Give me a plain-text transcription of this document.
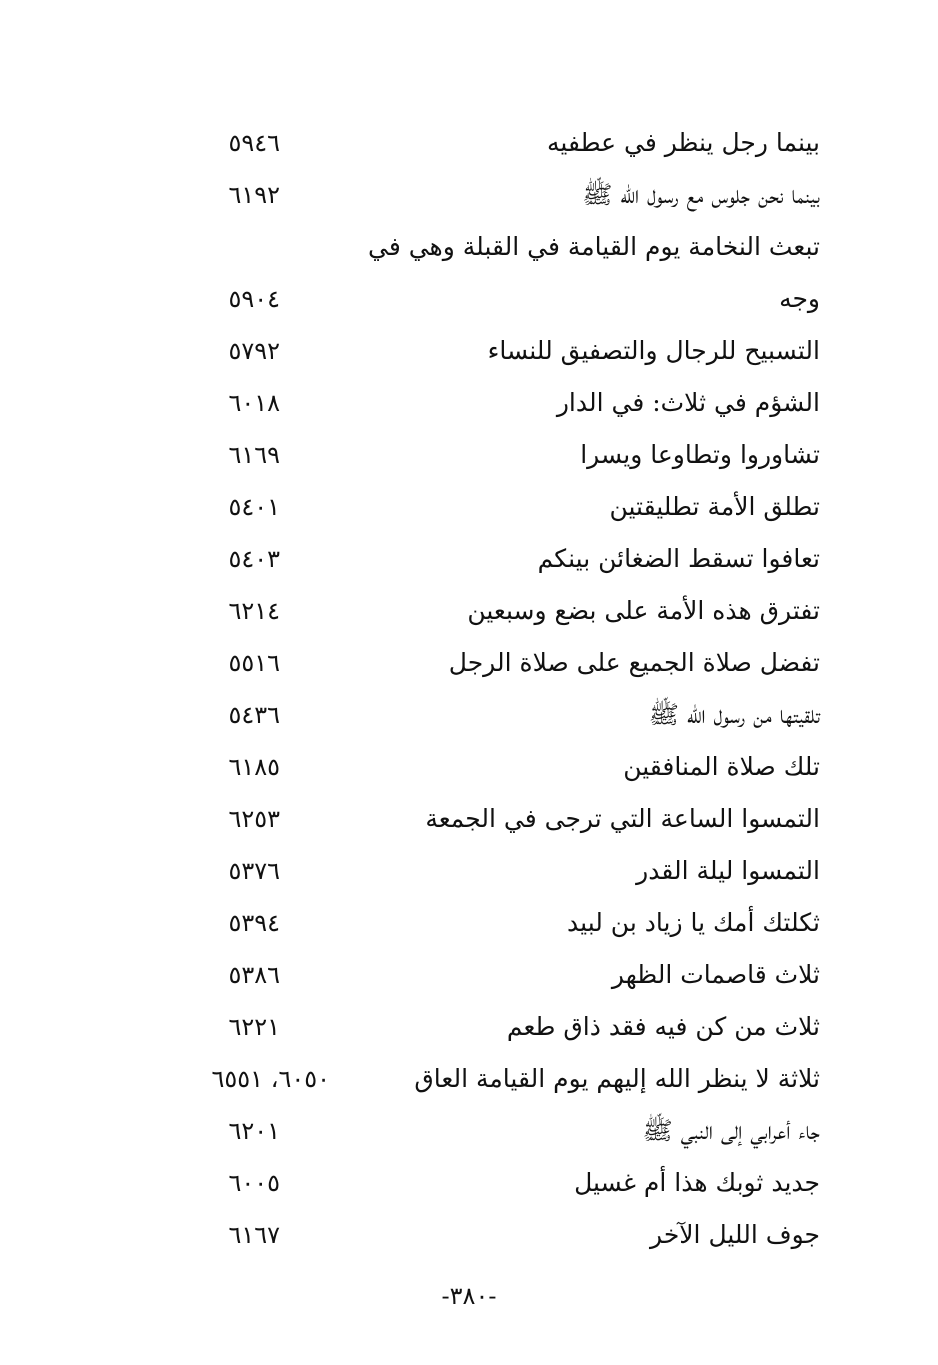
بينما رجل ينظر في عطفيه
٥٩٤٦
بينما نحن جلوس مع رسول الله ﷺ
٦١٩٢
تبعث النخامة يوم القيامة في القبلة وهي في
وجه
٥٩٠٤
التسبيح للرجال والتصفيق للنساء
٥٧٩٢
الشؤم في ثلاث: في الدار
٦٠١٨
تشاوروا وتطاوعا ويسرا
٦١٦٩
تطلق الأمة تطليقتين
٥٤٠١
تعافوا تسقط الضغائن بينكم
٥٤٠٣
تفترق هذه الأمة على بضع وسبعين
٦٢١٤
تفضل صلاة الجميع على صلاة الرجل
٥٥١٦
تلقيتها من رسول الله ﷺ
٥٤٣٦
تلك صلاة المنافقين
٦١٨٥
التمسوا الساعة التي ترجى في الجمعة
٦٢٥٣
التمسوا ليلة القدر
٥٣٧٦
ثكلتك أمك يا زياد بن لبيد
٥٣٩٤
ثلاث قاصمات الظهر
٥٣٨٦
ثلاث من كن فيه فقد ذاق طعم
٦٢٢١
ثلاثة لا ينظر الله إليهم يوم القيامة العاق
٦٠٥٠، ٦٥٥١
جاء أعرابي إلى النبي ﷺ
٦٢٠١
جديد ثوبك هذا أم غسيل
٦٠٠٥
جوف الليل الآخر
٦١٦٧
-٣٨٠-
